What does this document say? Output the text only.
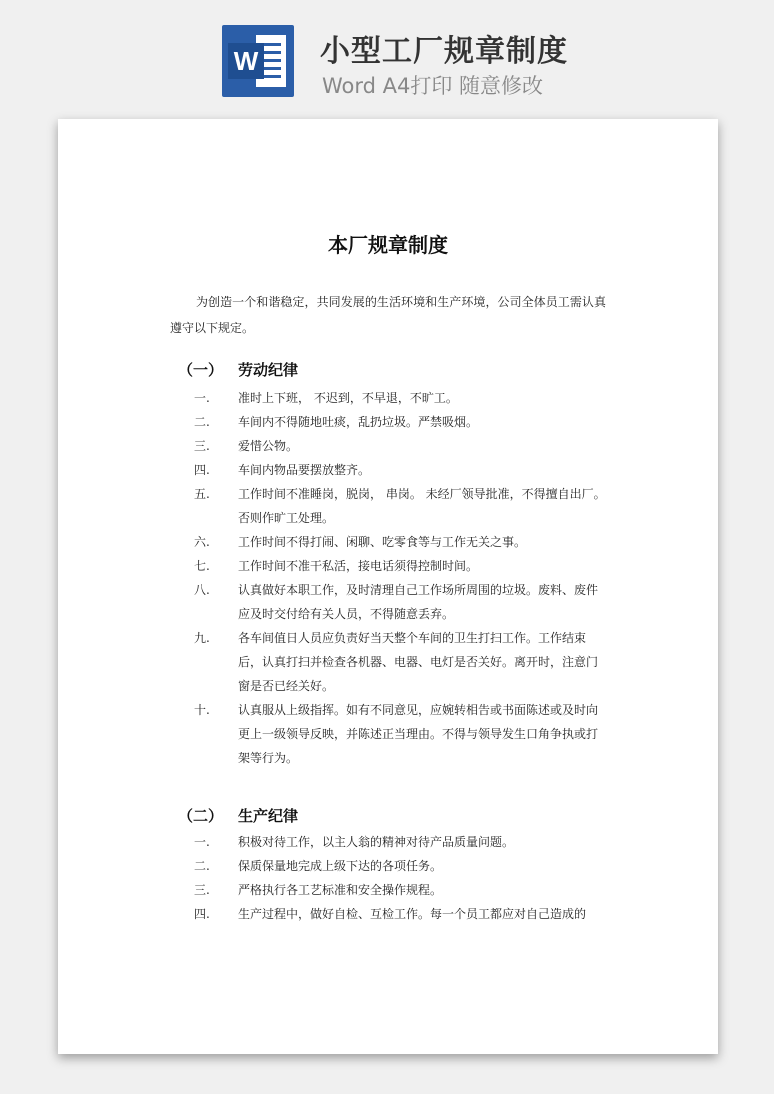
W 小型工厂规章制度
Word A4打印 随意修改
本厂规章制度
为创造一个和谐稳定，共同发展的生活环境和生产环境，公司全体员工需认真遵守以下规定。
（一） 劳动纪律
一. 准时上下班， 不迟到，不早退，不旷工。
二. 车间内不得随地吐痰，乱扔垃圾。严禁吸烟。
三. 爱惜公物。
四. 车间内物品要摆放整齐。
五. 工作时间不准睡岗，脱岗， 串岗。 未经厂领导批准，不得擅自出厂。否则作旷工处理。
六. 工作时间不得打闹、闲聊、吃零食等与工作无关之事。
七. 工作时间不准干私活，接电话须得控制时间。
八. 认真做好本职工作，及时清理自己工作场所周围的垃圾。废料、废件应及时交付给有关人员，不得随意丢弃。
九. 各车间值日人员应负责好当天整个车间的卫生打扫工作。工作结束后，认真打扫并检查各机器、电器、电灯是否关好。离开时，注意门窗是否已经关好。
十. 认真服从上级指挥。如有不同意见，应婉转相告或书面陈述或及时向更上一级领导反映，并陈述正当理由。不得与领导发生口角争执或打架等行为。
（二） 生产纪律
一. 积极对待工作，以主人翁的精神对待产品质量问题。
二. 保质保量地完成上级下达的各项任务。
三. 严格执行各工艺标准和安全操作规程。
四. 生产过程中，做好自检、互检工作。每一个员工都应对自己造成的
